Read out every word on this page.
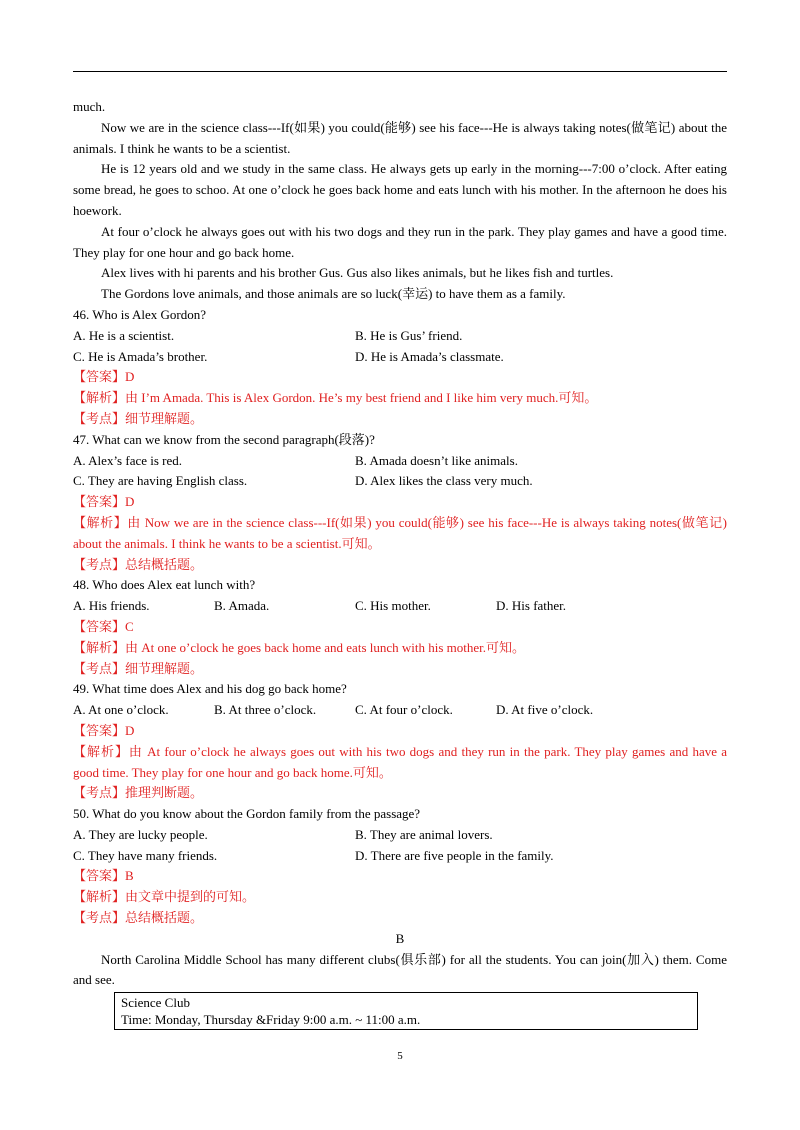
much.
Now we are in the science class---If(如果) you could(能够) see his face---He is always taking notes(做笔记) about the animals. I think he wants to be a scientist.
He is 12 years old and we study in the same class. He always gets up early in the morning---7:00 o’clock. After eating some bread, he goes to schoo. At one o’clock he goes back home and eats lunch with his mother. In the afternoon he does his hoework.
At four o’clock he always goes out with his two dogs and they run in the park. They play games and have a good time. They play for one hour and go back home.
Alex lives with hi parents and his brother Gus. Gus also likes animals, but he likes fish and turtles.
The Gordons love animals, and those animals are so luck(幸运) to have them as a family.
46. Who is Alex Gordon?
A. He is a scientist.	B. He is Gus’ friend.
C. He is Amada’s brother.	D. He is Amada’s classmate.
【答案】D
【解析】由 I’m Amada. This is Alex Gordon. He’s my best friend and I like him very much.可知。
【考点】细节理解题。
47. What can we know from the second paragraph(段落)?
A. Alex’s face is red.	B. Amada doesn’t like animals.
C. They are having English class.	D. Alex likes the class very much.
【答案】D
【解析】由 Now we are in the science class---If(如果) you could(能够) see his face---He is always taking notes(做笔记) about the animals. I think he wants to be a scientist.可知。
【考点】总结概括题。
48. Who does Alex eat lunch with?
A. His friends.	B. Amada.	C. His mother.	D. His father.
【答案】C
【解析】由 At one o’clock he goes back home and eats lunch with his mother.可知。
【考点】细节理解题。
49. What time does Alex and his dog go back home?
A. At one o’clock.	B. At three o’clock.	C. At four o’clock.	D. At five o’clock.
【答案】D
【解析】由 At four o’clock he always goes out with his two dogs and they run in the park. They play games and have a good time. They play for one hour and go back home.可知。
【考点】推理判断题。
50. What do you know about the Gordon family from the passage?
A. They are lucky people.	B. They are animal lovers.
C. They have many friends.	D. There are five people in the family.
【答案】B
【解析】由文章中提到的可知。
【考点】总结概括题。
B
North Carolina Middle School has many different clubs(俱乐部) for all the students. You can join(加入) them. Come and see.
Science Club
Time: Monday, Thursday &Friday 9:00 a.m. ~ 11:00 a.m.
5
